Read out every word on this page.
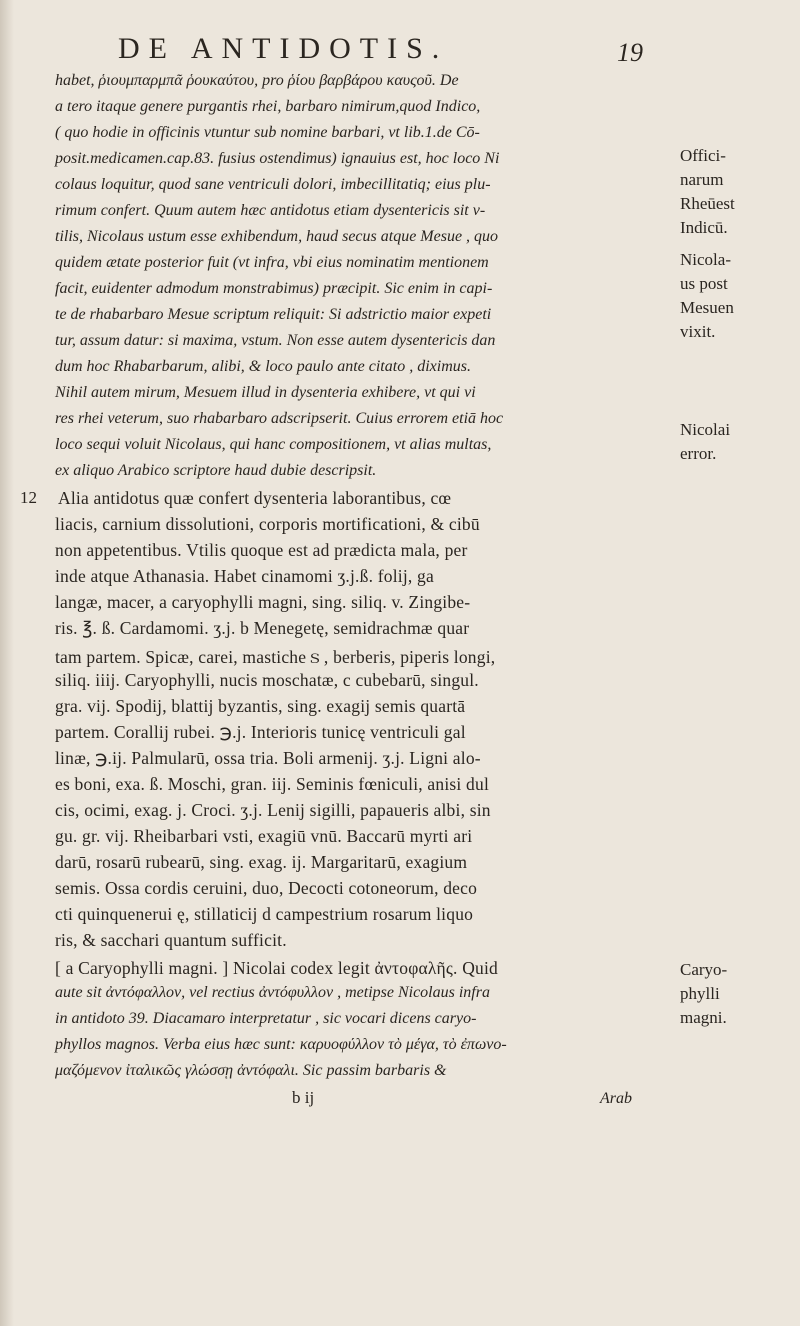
DE ANTIDOTIS.	19
habet, ῥιουμπαρμπᾶ ῥουκαύτου, pro ῥίου βαρβάρου καυςοῦ. De
a tero itaque genere purgantis rhei, barbaro nimirum,quod Indico,
( quo hodie in officinis vtuntur sub nomine barbari, vt lib.1.de Cō-
posit.medicamen.cap.83. fusius ostendimus) ignauius est, hoc loco Ni
colaus loquitur, quod sane ventriculi dolori, imbecillitatiq; eius plu-
rimum confert. Quum autem hæc antidotus etiam dysentericis sit v-
tilis, Nicolaus ustum esse exhibendum, haud secus atque Mesue , quo
quidem ætate posterior fuit (vt infra, vbi eius nominatim mentionem
facit, euidenter admodum monstrabimus) præcipit. Sic enim in capi-
te de rhabarbaro Mesue scriptum reliquit: Si adstrictio maior expeti
tur, assum datur: si maxima, vstum. Non esse autem dysentericis dan
dum hoc Rhabarbarum, alibi, & loco paulo ante citato , diximus.
Nihil autem mirum, Mesuem illud in dysenteria exhibere, vt qui vi
res rhei veterum, suo rhabarbaro adscripserit. Cuius errorem etiā hoc
loco sequi voluit Nicolaus, qui hanc compositionem, vt alias multas,
ex aliquo Arabico scriptore haud dubie descripsit.
12 Alia antidotus quæ confert dysenteria laborantibus, cœ
liacis, carnium dissolutioni, corporis mortificationi, & cibū
non appetentibus. Vtilis quoque est ad prædicta mala, per
inde atque Athanasia. Habet cinamomi ʒ.j.ß. folij, ga
langæ, macer, a caryophylli magni, sing. siliq. v. Zingibe-
ris. ℥. ß. Cardamomi. ʒ.j. b Menegetę, semidrachmæ quar
tam partem. Spicæ, carei, masticheｓ, berberis, piperis longi,
siliq. iiij. Caryophylli, nucis moschatæ, c cubebarū, singul.
gra. vij. Spodij, blattij byzantis, sing. exagij semis quartā
partem. Corallij rubei. ℈.j. Interioris tunicę ventriculi gal
linæ, ℈.ij. Palmularū, ossa tria. Boli armenij. ʒ.j. Ligni alo-
es boni, exa. ß. Moschi, gran. iij. Seminis fœniculi, anisi dul
cis, ocimi, exag. j. Croci. ʒ.j. Lenij sigilli, papaueris albi, sin
gu. gr. vij. Rheibarbari vsti, exagiū vnū. Baccarū myrti ari
darū, rosarū rubearū, sing. exag. ij. Margaritarū, exagium
semis. Ossa cordis ceruini, duo, Decocti cotoneorum, deco
cti quinquenerui ę, stillaticij d campestrium rosarum liquo
ris, & sacchari quantum sufficit.
[ a Caryophylli magni. ] Nicolai codex legit ἀντοφαλῆς. Quid
aute sit ἀντόφαλλον, vel rectius ἀντόφυλλον , metipse Nicolaus infra
in antidoto 39. Diacamaro interpretatur , sic vocari dicens caryo-
phyllos magnos. Verba eius hæc sunt: καρυοφύλλον τὸ μέγα, τὸ ἐπωνο-
μαζόμενον ἰταλικῶς γλώσσῃ ἀντόφαλι. Sic passim barbaris &
Offici-
narum
Rheūest
Indicū.
Nicola-
us post
Mesuen
vixit.
Nicolai
error.
Caryo-
phylli
magni.
b ij	Arab
